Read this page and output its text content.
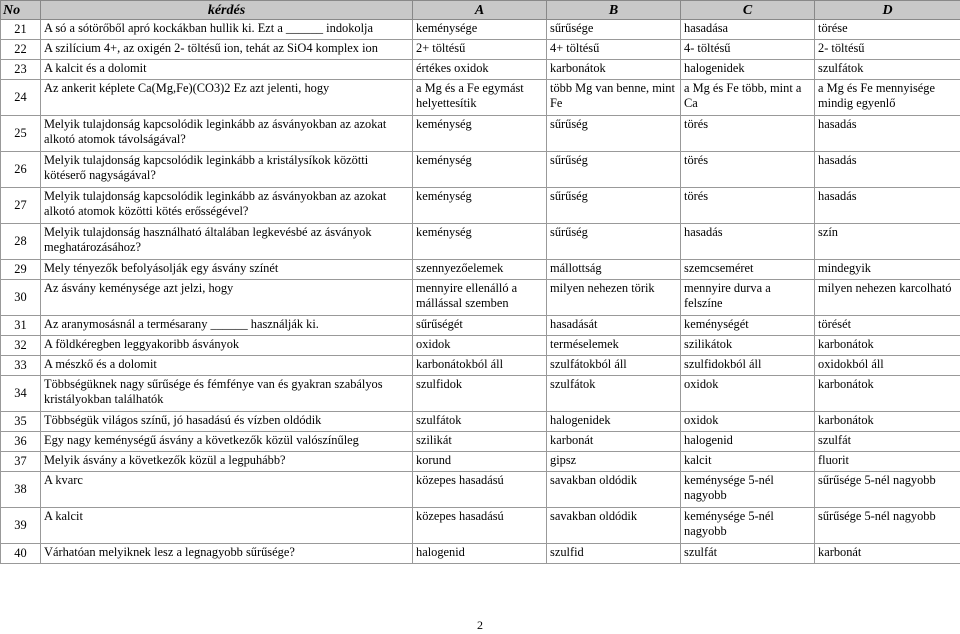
No	kérdés	A	B	C	D
21	A só a sótörőből apró kockákban hullik ki. Ezt a ______ indokolja	keménysége	sűrűsége	hasadása	törése
22	A szilícium 4+, az oxigén 2- töltésű ion, tehát az SiO4 komplex ion	2+ töltésű	4+ töltésű	4- töltésű	2- töltésű
23	A kalcit és a dolomit	értékes oxidok	karbonátok	halogenidek	szulfátok
24	Az ankerit képlete Ca(Mg,Fe)(CO3)2 Ez azt jelenti, hogy	a Mg és a Fe egymást helyettesítik	több Mg van benne, mint Fe	a Mg és Fe több, mint a Ca	a Mg és Fe mennyisége mindig egyenlő
25	Melyik tulajdonság kapcsolódik leginkább az ásványokban az azokat alkotó atomok távolságával?	keménység	sűrűség	törés	hasadás
26	Melyik tulajdonság kapcsolódik leginkább a kristálysíkok közötti kötéserő nagyságával?	keménység	sűrűség	törés	hasadás
27	Melyik tulajdonság kapcsolódik leginkább az ásványokban az azokat alkotó atomok közötti kötés erősségével?	keménység	sűrűség	törés	hasadás
28	Melyik tulajdonság használható általában legkevésbé az ásványok meghatározásához?	keménység	sűrűség	hasadás	szín
29	Mely tényezők befolyásolják egy ásvány színét	szennyezőelemek	mállottság	szemcseméret	mindegyik
30	Az ásvány keménysége azt jelzi, hogy	mennyire ellenálló a mállással szemben	milyen nehezen törik	mennyire durva a felszíne	milyen nehezen karcolható
31	Az aranymosásnál a termésarany ______ használják ki.	sűrűségét	hasadását	keménységét	törését
32	A földkéregben leggyakoribb ásványok	oxidok	terméselemek	szilikátok	karbonátok
33	A mészkő és a dolomit	karbonátokból áll	szulfátokból áll	szulfidokból áll	oxidokból áll
34	Többségüknek nagy sűrűsége és fémfénye van és gyakran szabályos kristályokban találhatók	szulfidok	szulfátok	oxidok	karbonátok
35	Többségük világos színű, jó hasadású és vízben oldódik	szulfátok	halogenidek	oxidok	karbonátok
36	Egy nagy keménységű ásvány a következők közül valószínűleg	szilikát	karbonát	halogenid	szulfát
37	Melyik ásvány a következők közül a legpuhább?	korund	gipsz	kalcit	fluorit
38	A kvarc	közepes hasadású	savakban oldódik	keménysége 5-nél nagyobb	sűrűsége 5-nél nagyobb
39	A kalcit	közepes hasadású	savakban oldódik	keménysége 5-nél nagyobb	sűrűsége 5-nél nagyobb
40	Várhatóan melyiknek lesz a legnagyobb sűrűsége?	halogenid	szulfid	szulfát	karbonát
2
